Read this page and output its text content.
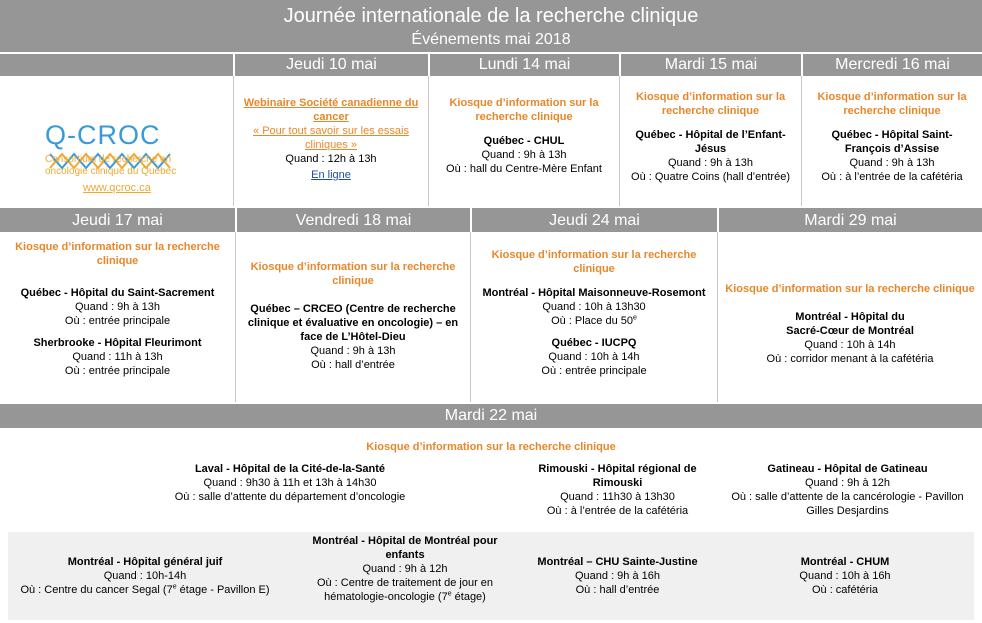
Journée internationale de la recherche clinique
Événements mai 2018
Jeudi 10 mai	Lundi 14 mai	Mardi 15 mai	Mercredi 16 mai
Q-CROC
Consortium de recherche en oncologie clinique du Québec
www.qcroc.ca
Webinaire Société canadienne du cancer
« Pour tout savoir sur les essais cliniques »
Quand : 12h à 13h
En ligne
Kiosque d’information sur la recherche clinique
Québec - CHUL
Quand : 9h à 13h
Où : hall du Centre-Mère Enfant
Kiosque d’information sur la recherche clinique
Québec - Hôpital de l’Enfant-Jésus
Quand : 9h à 13h
Où : Quatre Coins (hall d’entrée)
Kiosque d’information sur la recherche clinique
Québec - Hôpital Saint-François d’Assise
Quand : 9h à 13h
Où : à l’entrée de la cafétéria
Jeudi 17 mai	Vendredi 18 mai	Jeudi 24 mai	Mardi 29 mai
Kiosque d’information sur la recherche clinique
Québec - Hôpital du Saint-Sacrement
Quand : 9h à 13h
Où : entrée principale
Sherbrooke - Hôpital Fleurimont
Quand : 11h à 13h
Où : entrée principale
Kiosque d’information sur la recherche clinique
Québec – CRCEO (Centre de recherche clinique et évaluative en oncologie) – en face de L’Hôtel-Dieu
Quand : 9h à 13h
Où : hall d’entrée
Kiosque d’information sur la recherche clinique
Montréal - Hôpital Maisonneuve-Rosemont
Quand : 10h à 13h30
Où : Place du 50e
Québec - IUCPQ
Quand : 10h à 14h
Où : entrée principale
Kiosque d’information sur la recherche clinique
Montréal - Hôpital du Sacré-Cœur de Montréal
Quand : 10h à 14h
Où : corridor menant à la cafétéria
Mardi 22 mai
Kiosque d’information sur la recherche clinique
Laval - Hôpital de la Cité-de-la-Santé
Quand : 9h30 à 11h et 13h à 14h30
Où : salle d’attente du département d’oncologie
Rimouski - Hôpital régional de Rimouski
Quand : 11h30 à 13h30
Où : à l’entrée de la cafétéria
Gatineau - Hôpital de Gatineau
Quand : 9h à 12h
Où : salle d’attente de la cancérologie - Pavillon Gilles Desjardins
Montréal - Hôpital général juif
Quand : 10h-14h
Où : Centre du cancer Segal (7e étage - Pavillon E)
Montréal - Hôpital de Montréal pour enfants
Quand : 9h à 12h
Où : Centre de traitement de jour en hématologie-oncologie (7e étage)
Montréal – CHU Sainte-Justine
Quand : 9h à 16h
Où : hall d’entrée
Montréal - CHUM
Quand : 10h à 16h
Où : cafétéria
